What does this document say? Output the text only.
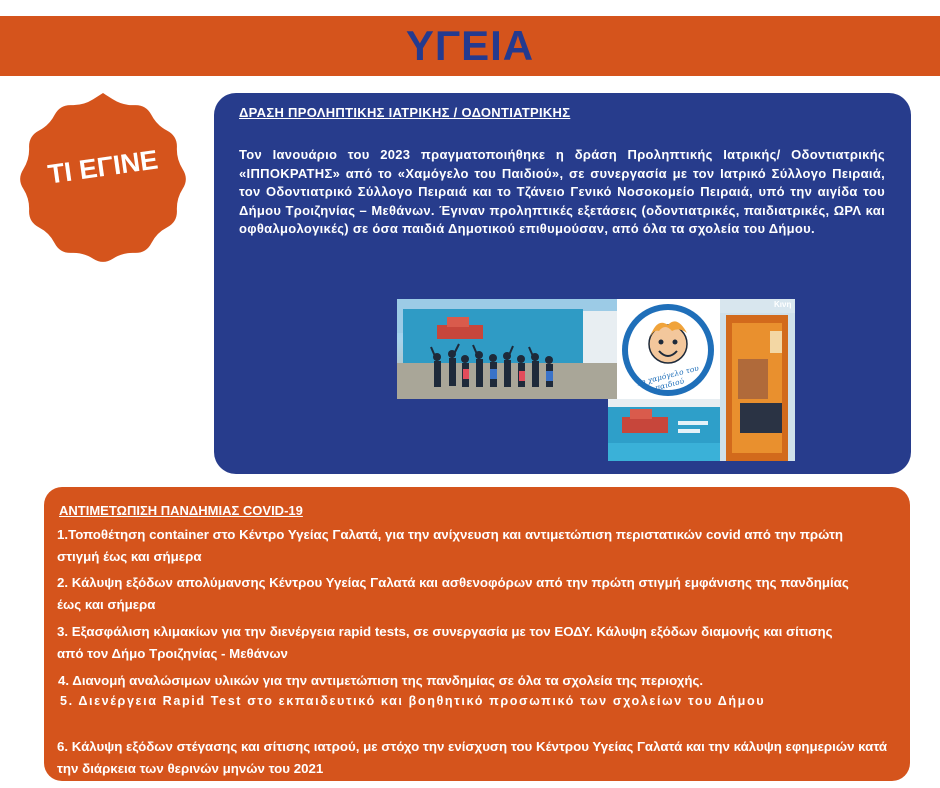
ΥΓΕΙΑ
ΤΙ ΕΓΙΝΕ
ΔΡΑΣΗ ΠΡΟΛΗΠΤΙΚΗΣ ΙΑΤΡΙΚΗΣ / ΟΔΟΝΤΙΑΤΡΙΚΗΣ
Τον Ιανουάριο του 2023 πραγματοποιήθηκε η δράση Προληπτικής Ιατρικής/ Οδοντιατρικής «ΙΠΠΟΚΡΑΤΗΣ» από το «Χαμόγελο του Παιδιού», σε συνεργασία με τον Ιατρικό Σύλλογο Πειραιά, τον Οδοντιατρικό Σύλλογο Πειραιά και το Τζάνειο Γενικό Νοσοκομείο Πειραιά, υπό την αιγίδα του Δήμου Τροιζηνίας – Μεθάνων. Έγιναν προληπτικές εξετάσεις (οδοντιατρικές, παιδιατρικές, ΩΡΛ και οφθαλμολογικές) σε όσα παιδιά Δημοτικού επιθυμούσαν, από όλα τα σχολεία του Δήμου.
Το χαμόγελο του παιδιού
Κινη
ΑΝΤΙΜΕΤΩΠΙΣΗ ΠΑΝΔΗΜΙΑΣ COVID-19
1.Τοποθέτηση container στο Κέντρο Υγείας Γαλατά, για την ανίχνευση και αντιμετώπιση περιστατικών covid από την πρώτη στιγμή έως και σήμερα
2. Κάλυψη εξόδων απολύμανσης Κέντρου Υγείας Γαλατά και ασθενοφόρων από την πρώτη στιγμή εμφάνισης της πανδημίας έως και σήμερα
3. Εξασφάλιση κλιμακίων για την διενέργεια rapid tests, σε συνεργασία με τον ΕΟΔΥ. Κάλυψη εξόδων διαμονής και σίτισης από τον Δήμο Τροιζηνίας - Μεθάνων
4. Διανομή αναλώσιμων υλικών για την αντιμετώπιση της πανδημίας σε όλα τα σχολεία της περιοχής.
5. Διενέργεια Rapid Test στο εκπαιδευτικό και βοηθητικό προσωπικό των σχολείων του Δήμου
6. Κάλυψη εξόδων στέγασης και σίτισης ιατρού, με στόχο την ενίσχυση του Κέντρου Υγείας Γαλατά και την κάλυψη εφημεριών κατά την διάρκεια των θερινών μηνών του 2021
